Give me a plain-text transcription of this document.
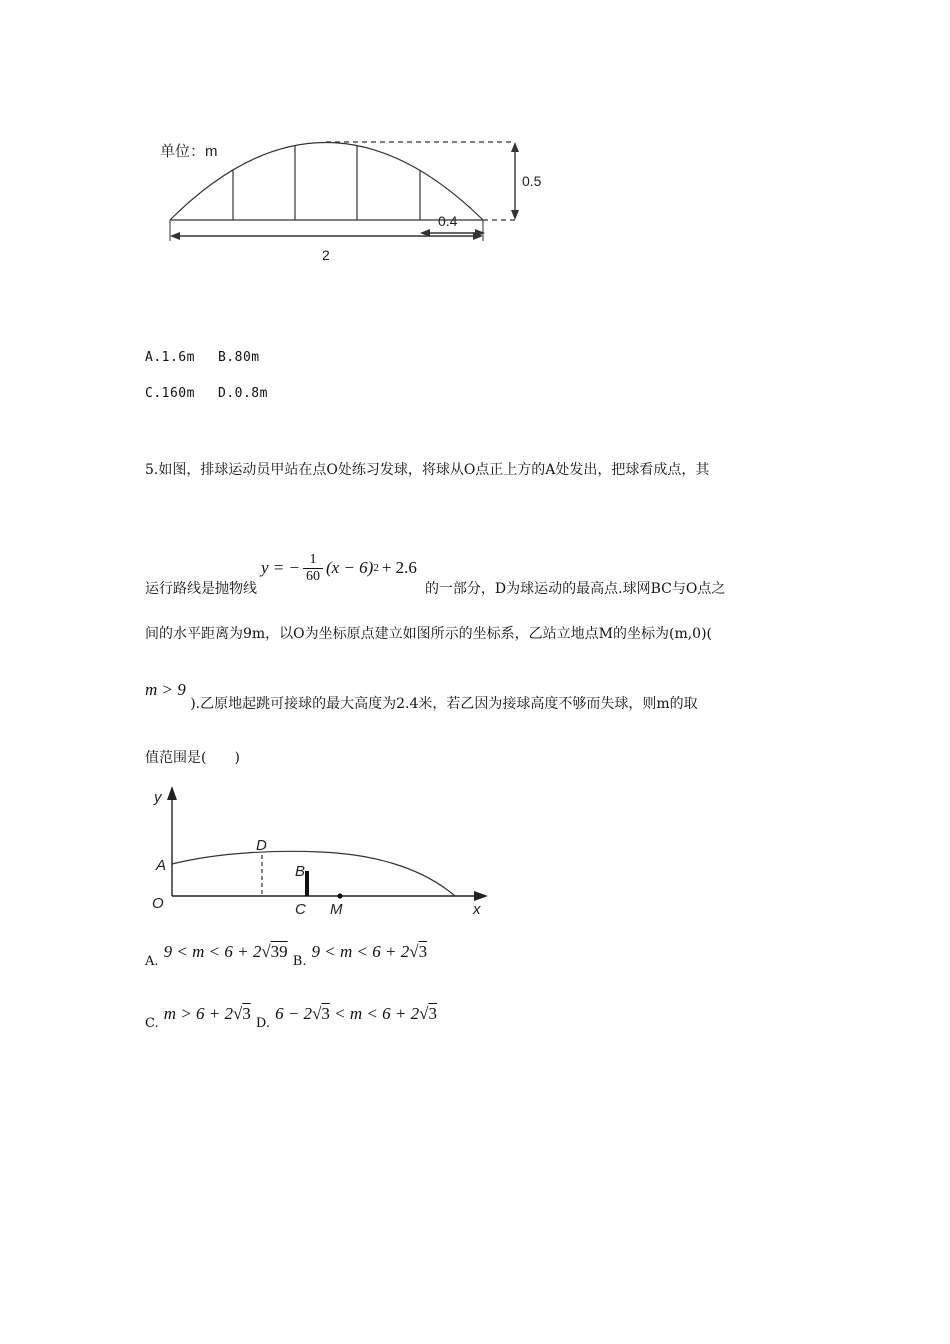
单位：m
0.5
0.4
2
A.1.6m B.80m
C.160m D.0.8m
5.如图，排球运动员甲站在点O处练习发球，将球从O点正上方的A处发出，把球看成点，其
运行路线是抛物线
y = − $\frac{1}{60} (x - 6) 2 + 2.6$
的一部分，D为球运动的最高点.球网BC与O点之
间的水平距离为9m，以O为坐标原点建立如图所示的坐标系，乙站立地点M的坐标为(m,0)(
m > 9 ).乙原地起跳可接球的最大高度为2.4米，若乙因为接球高度不够而失球，则m的取
值范围是(　　)
y
x
O
A
D
B
C M
$_{A.}$ 9 < m < 6 + 2√39 $_{B.}$ 9 < m < 6 + 2√3
$_{C.}$ m > 6 + 2√3 $_{D.}$ 6 − 2√3 < m < 6 + 2√3
